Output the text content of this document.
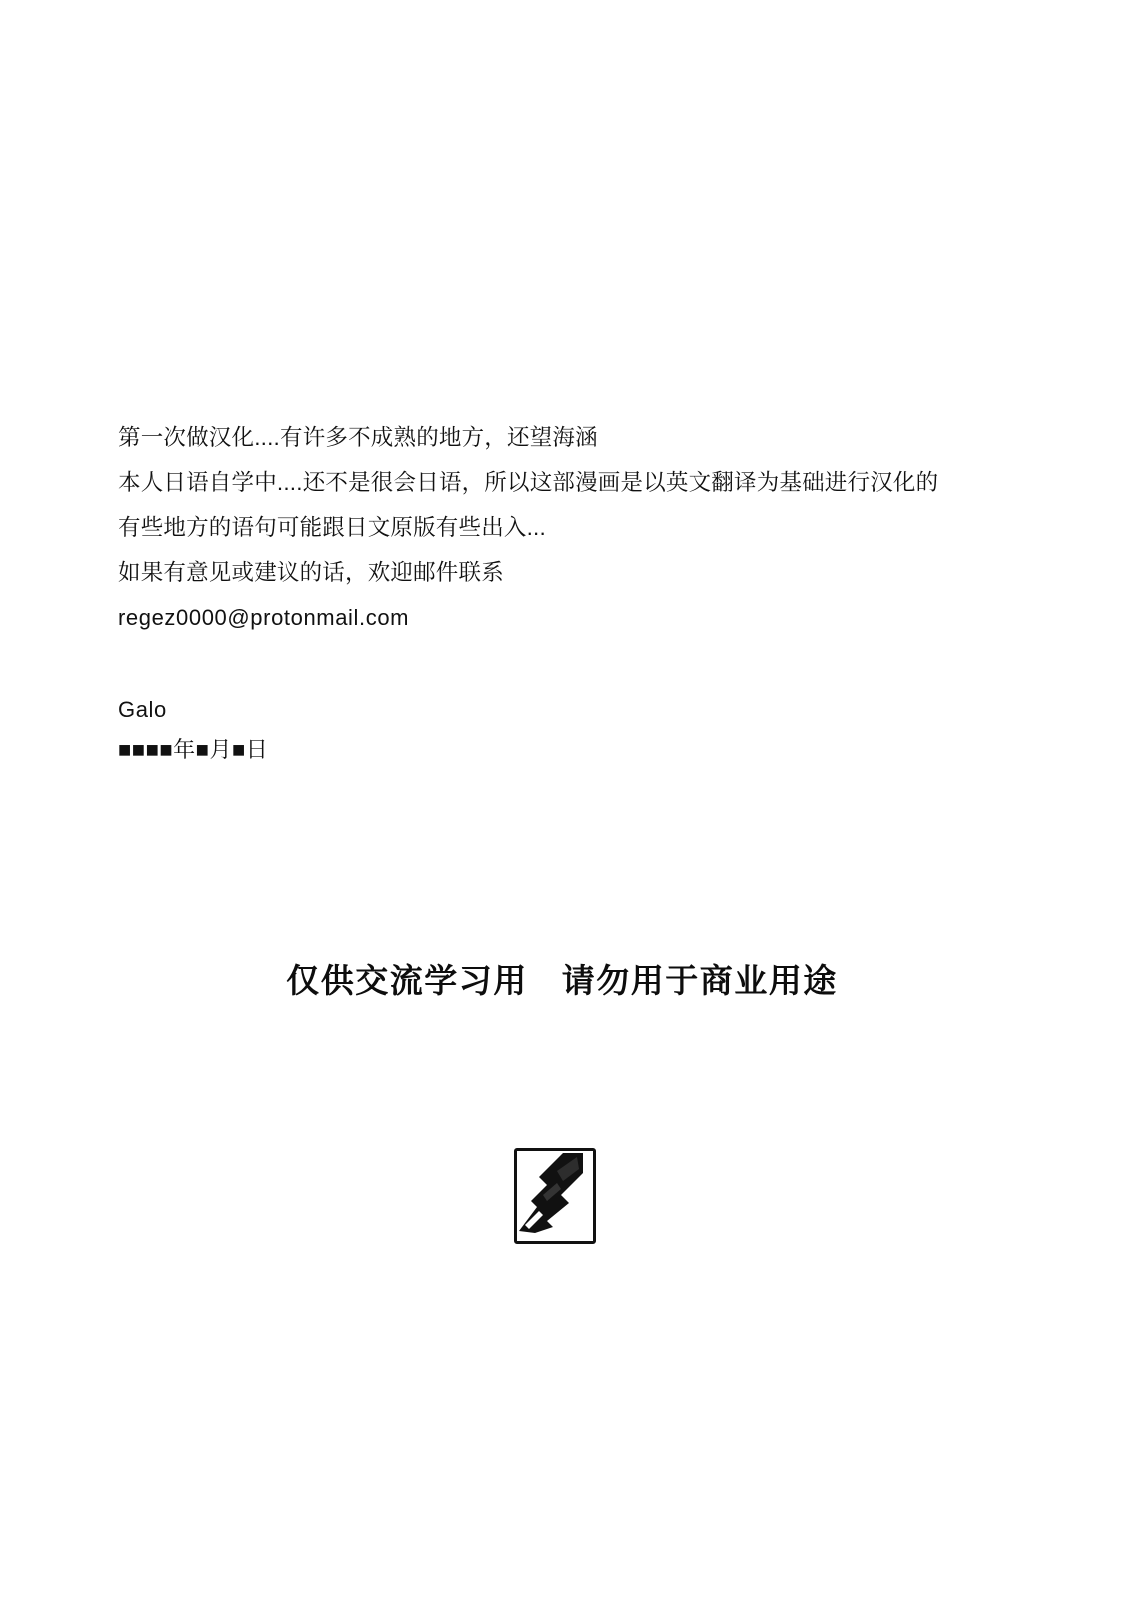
第一次做汉化....有许多不成熟的地方，还望海涵
本人日语自学中....还不是很会日语，所以这部漫画是以英文翻译为基础进行汉化的
有些地方的语句可能跟日文原版有些出入...
如果有意见或建议的话，欢迎邮件联系
regez0000@protonmail.com
Galo
■■■■年■月■日
仅供交流学习用 请勿用于商业用途
